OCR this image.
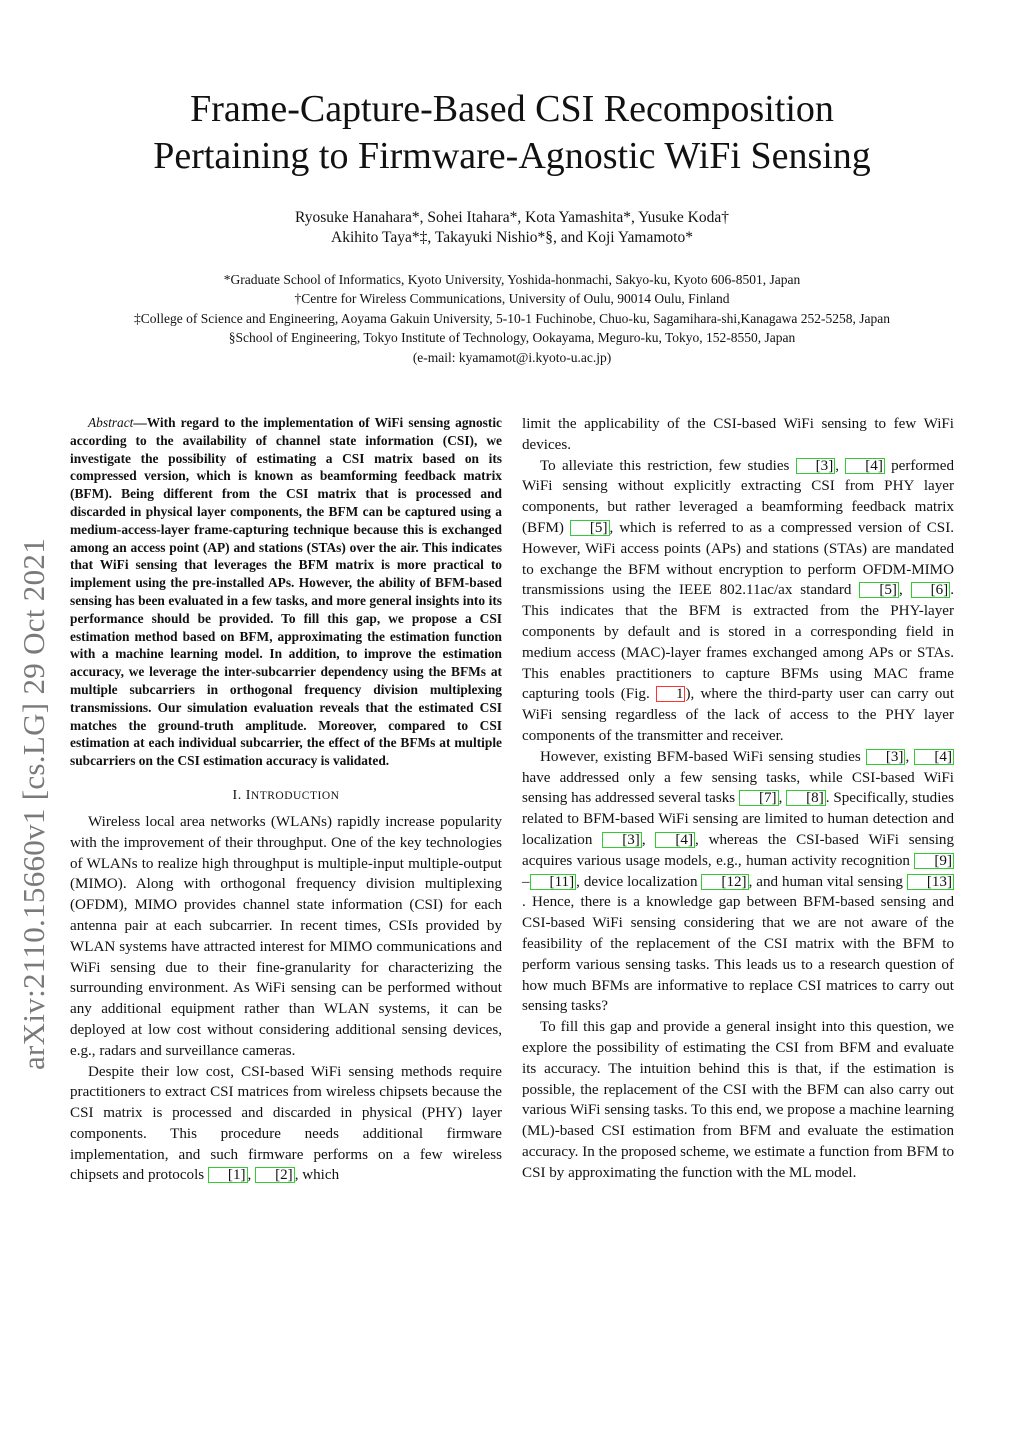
arXiv:2110.15660v1 [cs.LG] 29 Oct 2021
Frame-Capture-Based CSI Recomposition
Pertaining to Firmware-Agnostic WiFi Sensing
Ryosuke Hanahara*, Sohei Itahara*, Kota Yamashita*, Yusuke Koda†
Akihito Taya*‡, Takayuki Nishio*§, and Koji Yamamoto*
*Graduate School of Informatics, Kyoto University, Yoshida-honmachi, Sakyo-ku, Kyoto 606-8501, Japan
†Centre for Wireless Communications, University of Oulu, 90014 Oulu, Finland
‡College of Science and Engineering, Aoyama Gakuin University, 5-10-1 Fuchinobe, Chuo-ku, Sagamihara-shi,Kanagawa 252-5258, Japan
§School of Engineering, Tokyo Institute of Technology, Ookayama, Meguro-ku, Tokyo, 152-8550, Japan
(e-mail: kyamamot@i.kyoto-u.ac.jp)

Abstract—With regard to the implementation of WiFi sensing agnostic according to the availability of channel state information (CSI), we investigate the possibility of estimating a CSI matrix based on its compressed version, which is known as beamforming feedback matrix (BFM). Being different from the CSI matrix that is processed and discarded in physical layer components, the BFM can be captured using a medium-access-layer frame-capturing technique because this is exchanged among an access point (AP) and stations (STAs) over the air. This indicates that WiFi sensing that leverages the BFM matrix is more practical to implement using the pre-installed APs. However, the ability of BFM-based sensing has been evaluated in a few tasks, and more general insights into its performance should be provided. To fill this gap, we propose a CSI estimation method based on BFM, approximating the estimation function with a machine learning model. In addition, to improve the estimation accuracy, we leverage the inter-subcarrier dependency using the BFMs at multiple subcarriers in orthogonal frequency division multiplexing transmissions. Our simulation evaluation reveals that the estimated CSI matches the ground-truth amplitude. Moreover, compared to CSI estimation at each individual subcarrier, the effect of the BFMs at multiple subcarriers on the CSI estimation accuracy is validated.

I. INTRODUCTION

Wireless local area networks (WLANs) rapidly increase popularity with the improvement of their throughput. One of the key technologies of WLANs to realize high throughput is multiple-input multiple-output (MIMO). Along with orthogonal frequency division multiplexing (OFDM), MIMO provides channel state information (CSI) for each antenna pair at each subcarrier. In recent times, CSIs provided by WLAN systems have attracted interest for MIMO communications and WiFi sensing due to their fine-granularity for characterizing the surrounding environment. As WiFi sensing can be performed without any additional equipment rather than WLAN systems, it can be deployed at low cost without considering additional sensing devices, e.g., radars and surveillance cameras.

Despite their low cost, CSI-based WiFi sensing methods require practitioners to extract CSI matrices from wireless chipsets because the CSI matrix is processed and discarded in physical (PHY) layer components. This procedure needs additional firmware implementation, and such firmware performs on a few wireless chipsets and protocols [1] , [2] , which

limit the applicability of the CSI-based WiFi sensing to few WiFi devices.

To alleviate this restriction, few studies [3] , [4] performed WiFi sensing without explicitly extracting CSI from PHY layer components, but rather leveraged a beamforming feedback matrix (BFM) [5] , which is referred to as a compressed version of CSI. However, WiFi access points (APs) and stations (STAs) are mandated to exchange the BFM without encryption to perform OFDM-MIMO transmissions using the IEEE 802.11ac/ax standard [5] , [6] . This indicates that the BFM is extracted from the PHY-layer components by default and is stored in a corresponding field in medium access (MAC)-layer frames exchanged among APs or STAs. This enables practitioners to capture BFMs using MAC frame capturing tools (Fig. 1 ), where the third-party user can carry out WiFi sensing regardless of the lack of access to the PHY layer components of the transmitter and receiver.

However, existing BFM-based WiFi sensing studies [3] , [4] have addressed only a few sensing tasks, while CSI-based WiFi sensing has addressed several tasks [7] , [8] . Specifically, studies related to BFM-based WiFi sensing are limited to human detection and localization [3] , [4] , whereas the CSI-based WiFi sensing acquires various usage models, e.g., human activity recognition [9]– [11] , device localization [12] , and human vital sensing [13]. Hence, there is a knowledge gap between BFM-based sensing and CSI-based WiFi sensing considering that we are not aware of the feasibility of the replacement of the CSI matrix with the BFM to perform various sensing tasks. This leads us to a research question of how much BFMs are informative to replace CSI matrices to carry out sensing tasks?

To fill this gap and provide a general insight into this question, we explore the possibility of estimating the CSI from BFM and evaluate its accuracy. The intuition behind this is that, if the estimation is possible, the replacement of the CSI with the BFM can also carry out various WiFi sensing tasks. To this end, we propose a machine learning (ML)-based CSI estimation from BFM and evaluate the estimation accuracy. In the proposed scheme, we estimate a function from BFM to CSI by approximating the function with the ML model.
